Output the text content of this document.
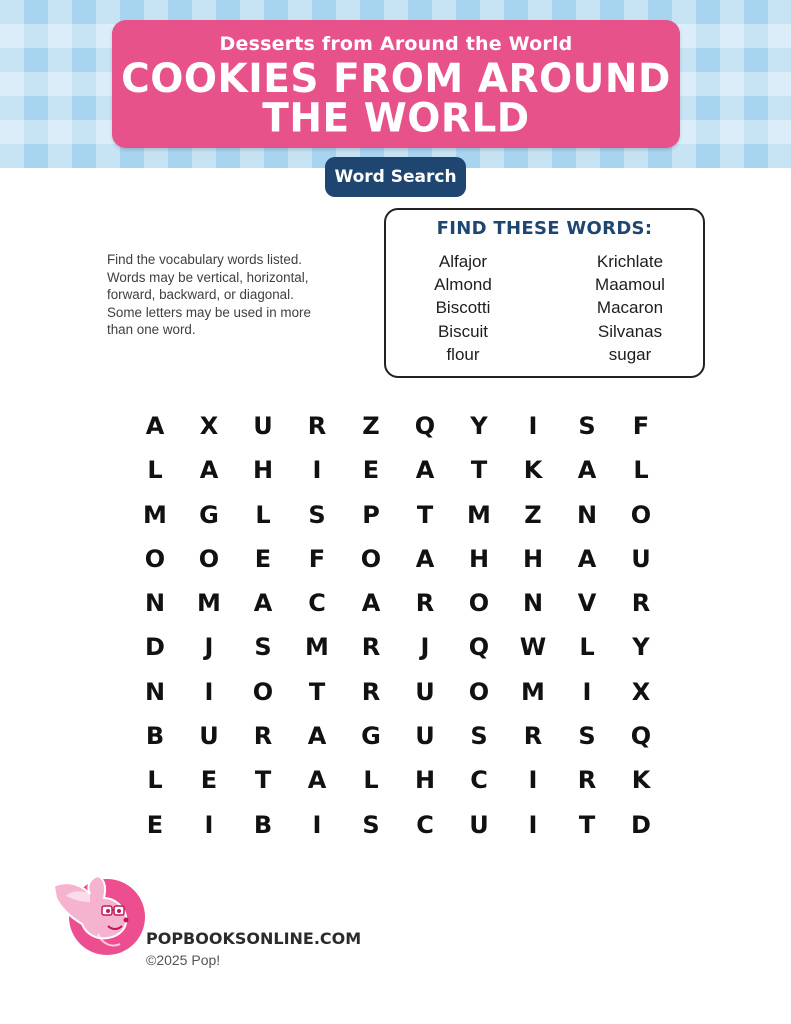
Desserts from Around the World
COOKIES FROM AROUND
THE WORLD
Word Search
Find the vocabulary words listed. Words may be vertical, horizontal, forward, backward, or diagonal. Some letters may be used in more than one word.
FIND THESE WORDS:
Alfajor
Almond
Biscotti
Biscuit
flour
Krichlate
Maamoul
Macaron
Silvanas
sugar
A	X	U	R	Z	Q	Y	I	S	F
L	A	H	I	E	A	T	K	A	L
M	G	L	S	P	T	M	Z	N	O
O	O	E	F	O	A	H	H	A	U
N	M	A	C	A	R	O	N	V	R
D	J	S	M	R	J	Q	W	L	Y
N	I	O	T	R	U	O	M	I	X
B	U	R	A	G	U	S	R	S	Q
L	E	T	A	L	H	C	I	R	K
E	I	B	I	S	C	U	I	T	D
POPBOOKSONLINE.COM
©2025 Pop!
